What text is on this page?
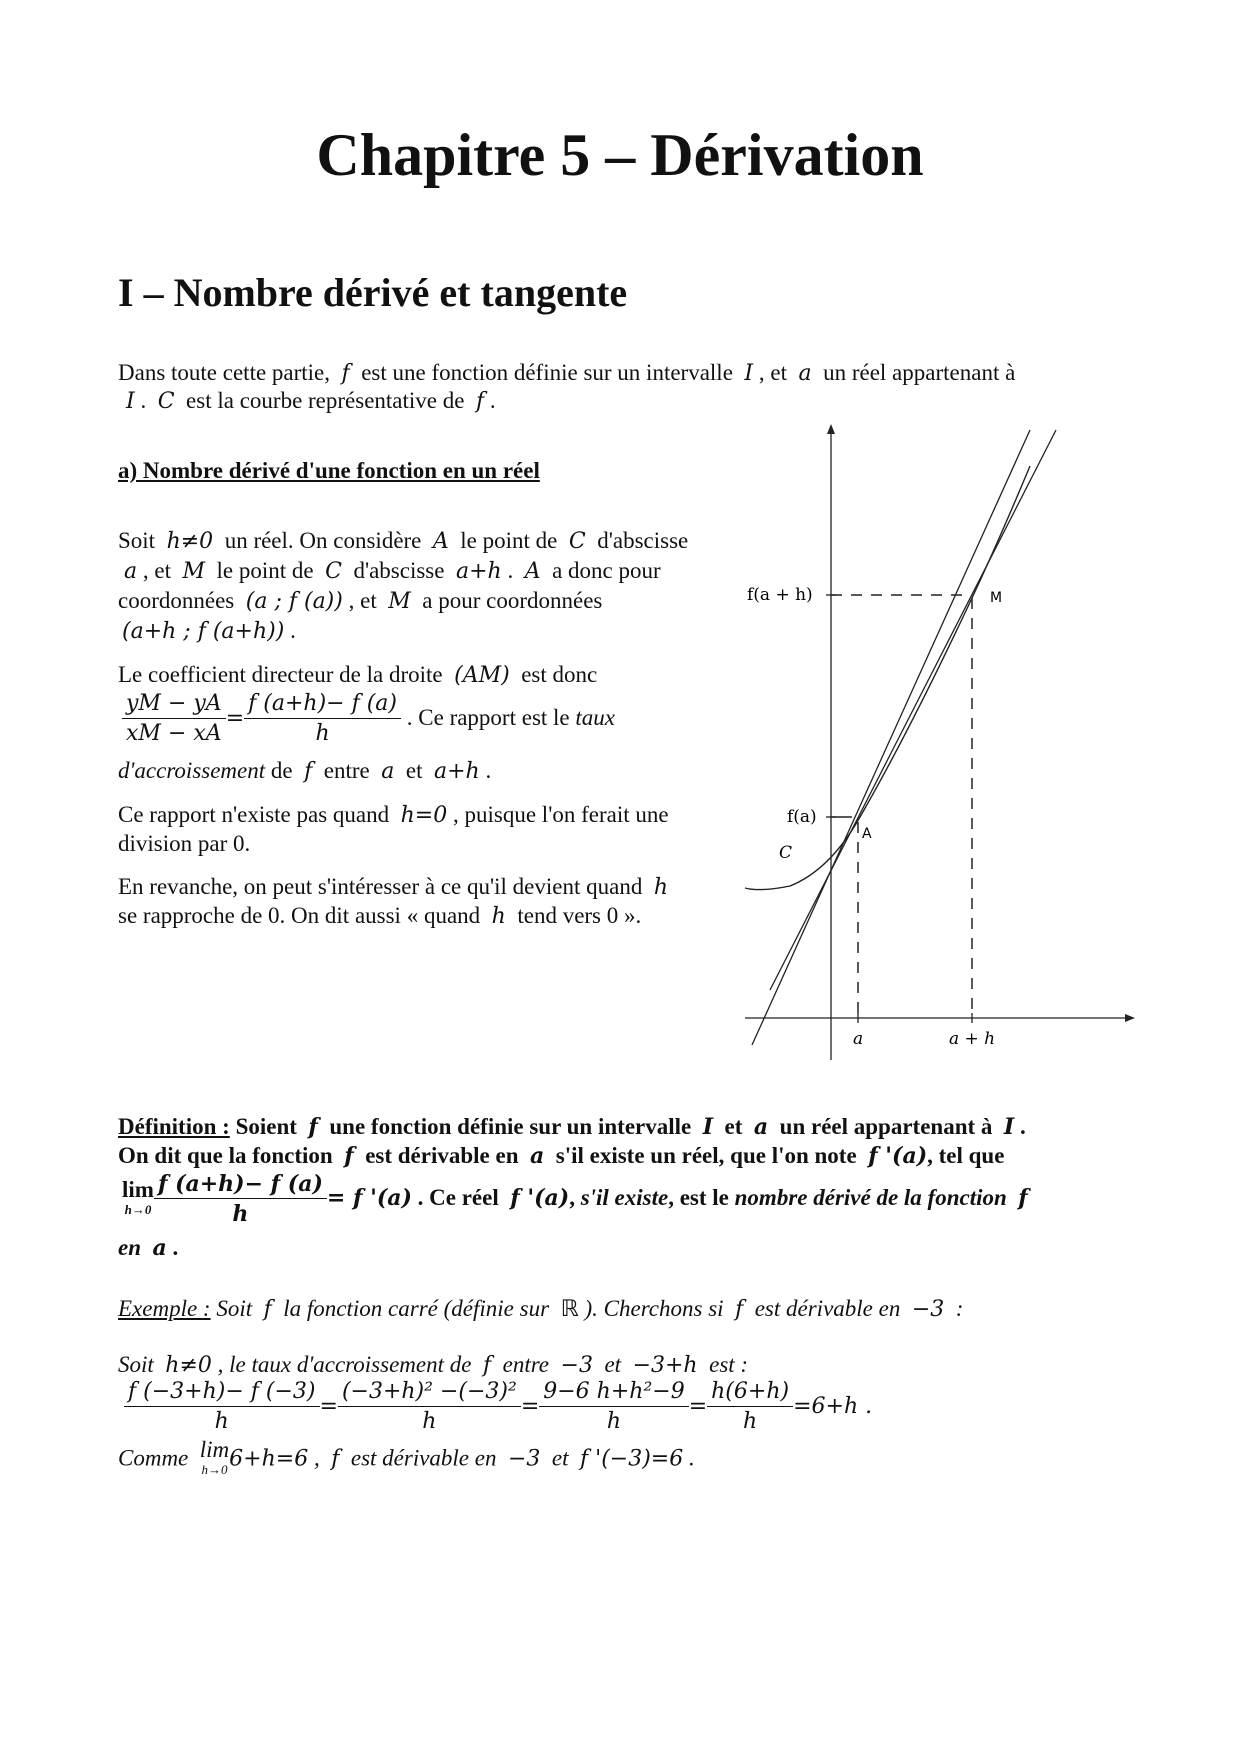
Chapitre 5 – Dérivation
I – Nombre dérivé et tangente
Dans toute cette partie, f est une fonction définie sur un intervalle I , et a un réel appartenant à
I . C est la courbe représentative de f .
a) Nombre dérivé d'une fonction en un réel
Soit h≠0 un réel. On considère A le point de C d'abscisse
a , et M le point de C d'abscisse a+h . A a donc pour
coordonnées (a ; f (a)) , et M a pour coordonnées
(a+h ; f (a+h)) .
Le coefficient directeur de la droite (AM) est donc
$\frac{yM - yA}{xM - xA} = \frac{f (a+h)- f (a)}{h}$ . Ce rapport est le taux
d'accroissement de f entre a et a+h .
Ce rapport n'existe pas quand h=0 , puisque l'on ferait une
division par 0.
En revanche, on peut s'intéresser à ce qu'il devient quand h
se rapproche de 0. On dit aussi « quand h tend vers 0 ».
f(a + h)	M
f(a)
A
C
a	a + h
Définition : Soient f une fonction définie sur un intervalle I et a un réel appartenant à I .
On dit que la fonction f est dérivable en a s'il existe un réel, que l'on note f '(a), tel que
lim
$h\to 0 \frac{f (a+h)- f (a)}{h} = f$ '(a) . Ce réel f '(a), s'il existe, est le nombre dérivé de la fonction f
en a .
Exemple : Soit f la fonction carré (définie sur ℝ ). Cherchons si f est dérivable en −3 :
Soit h≠0 , le taux d'accroissement de f entre −3 et −3+h est :
$\frac{f (-3+h)- f (-3)}{h} = \frac{\text{(−3+h)² −(−3)²}}{h} = \frac{\text{9−6 h+h²−9}}{h} = \frac{h(6+h)}{h} =6+h$ .
Comme lim
h→0 6+h=6 , f est dérivable en −3 et f '(−3)=6 .
